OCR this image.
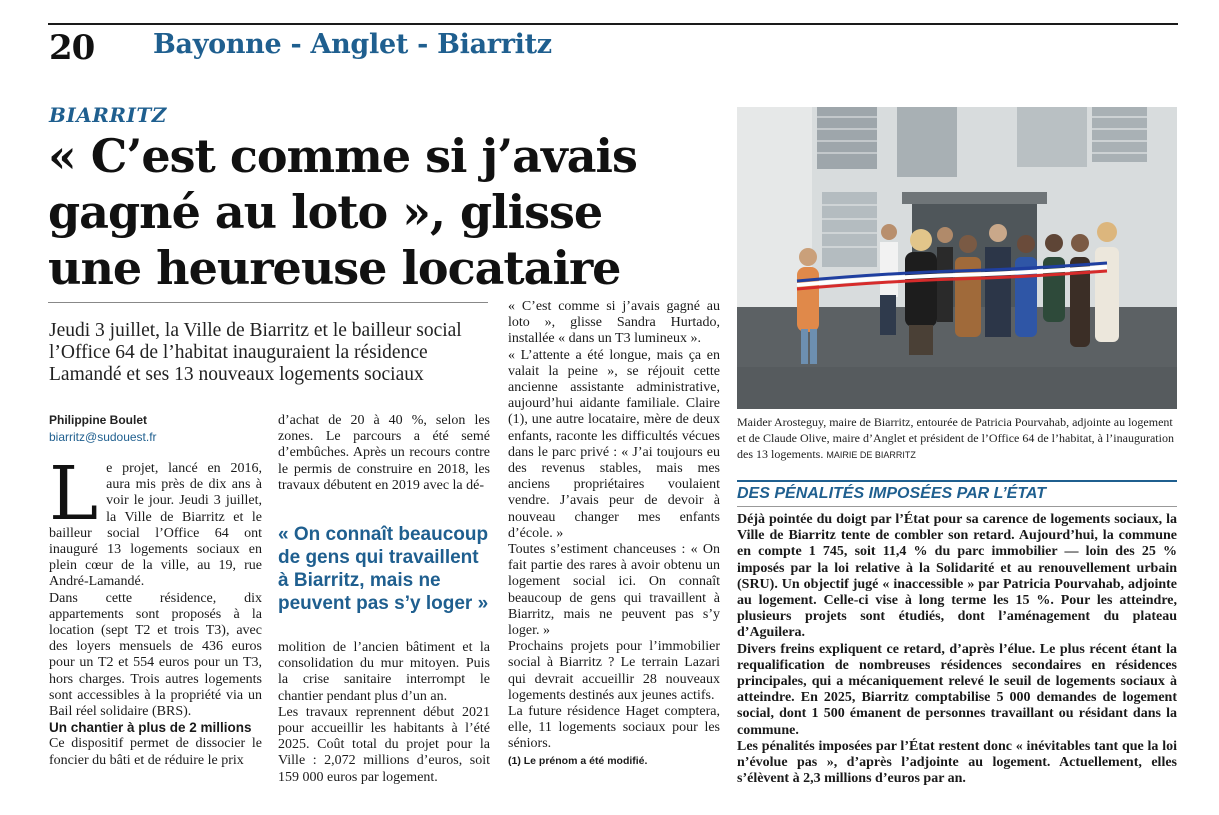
20 Bayonne - Anglet - Biarritz
BIARRITZ
« C’est comme si j’avais gagné au loto », glisse une heureuse locataire
Jeudi 3 juillet, la Ville de Biarritz et le bailleur social l’Office 64 de l’habitat inauguraient la résidence Lamandé et ses 13 nouveaux logements sociaux
Philippine Boulet
biarritz@sudouest.fr

Le projet, lancé en 2016, aura mis près de dix ans à voir le jour. Jeudi 3 juillet, la Ville de Biarritz et le bailleur social l’Office 64 ont inauguré 13 logements sociaux en plein cœur de la ville, au 19, rue André-Lamandé.

Dans cette résidence, dix appartements sont proposés à la location (sept T2 et trois T3), avec des loyers mensuels de 436 euros pour un T2 et 554 euros pour un T3, hors charges. Trois autres logements sont accessibles à la propriété via un Bail réel solidaire (BRS).

Un chantier à plus de 2 millions

Ce dispositif permet de dissocier le foncier du bâti et de réduire le prix

d’achat de 20 à 40 %, selon les zones. Le parcours a été semé d’embûches. Après un recours contre le permis de construire en 2018, les travaux débutent en 2019 avec la dé-

« On connaît beaucoup de gens qui travaillent à Biarritz, mais ne peuvent pas s’y loger »

molition de l’ancien bâtiment et la consolidation du mur mitoyen. Puis la crise sanitaire interrompt le chantier pendant plus d’un an.

Les travaux reprennent début 2021 pour accueillir les habitants à l’été 2025. Coût total du projet pour la Ville : 2,072 millions d’euros, soit 159 000 euros par logement.

« C’est comme si j’avais gagné au loto », glisse Sandra Hurtado, installée « dans un T3 lumineux ».

« L’attente a été longue, mais ça en valait la peine », se réjouit cette ancienne assistante administrative, aujourd’hui aidante familiale. Claire (1), une autre locataire, mère de deux enfants, raconte les difficultés vécues dans le parc privé : « J’ai toujours eu des revenus stables, mais mes anciens propriétaires voulaient vendre. J’avais peur de devoir à nouveau changer mes enfants d’école. »

Toutes s’estiment chanceuses : « On fait partie des rares à avoir obtenu un logement social ici. On connaît beaucoup de gens qui travaillent à Biarritz, mais ne peuvent pas s’y loger. »

Prochains projets pour l’immobilier social à Biarritz ? Le terrain Lazari qui devrait accueillir 28 nouveaux logements destinés aux jeunes actifs.

La future résidence Haget comptera, elle, 11 logements sociaux pour les séniors.

(1) Le prénom a été modifié.

Maider Arosteguy, maire de Biarritz, entourée de Patricia Pourvahab, adjointe au logement et de Claude Olive, maire d’Anglet et président de l’Office 64 de l’habitat, à l’inauguration des 13 logements. MAIRIE DE BIARRITZ
DES PÉNALITÉS IMPOSÉES PAR L’ÉTAT

Déjà pointée du doigt par l’État pour sa carence de logements sociaux, la Ville de Biarritz tente de combler son retard. Aujourd’hui, la commune en compte 1 745, soit 11,4 % du parc immobilier — loin des 25 % imposés par la loi relative à la Solidarité et au renouvellement urbain (SRU). Un objectif jugé « inaccessible » par Patricia Pourvahab, adjointe au logement. Celle-ci vise à long terme les 15 %. Pour les atteindre, plusieurs projets sont étudiés, dont l’aménagement du plateau d’Aguilera.

Divers freins expliquent ce retard, d’après l’élue. Le plus récent étant la requalification de nombreuses résidences secondaires en résidences principales, qui a mécaniquement relevé le seuil de logements sociaux à atteindre. En 2025, Biarritz comptabilise 5 000 demandes de logement social, dont 1 500 émanent de personnes travaillant ou résidant dans la commune.

Les pénalités imposées par l’État restent donc « inévitables tant que la loi n’évolue pas », d’après l’adjointe au logement. Actuellement, elles s’élèvent à 2,3 millions d’euros par an.
